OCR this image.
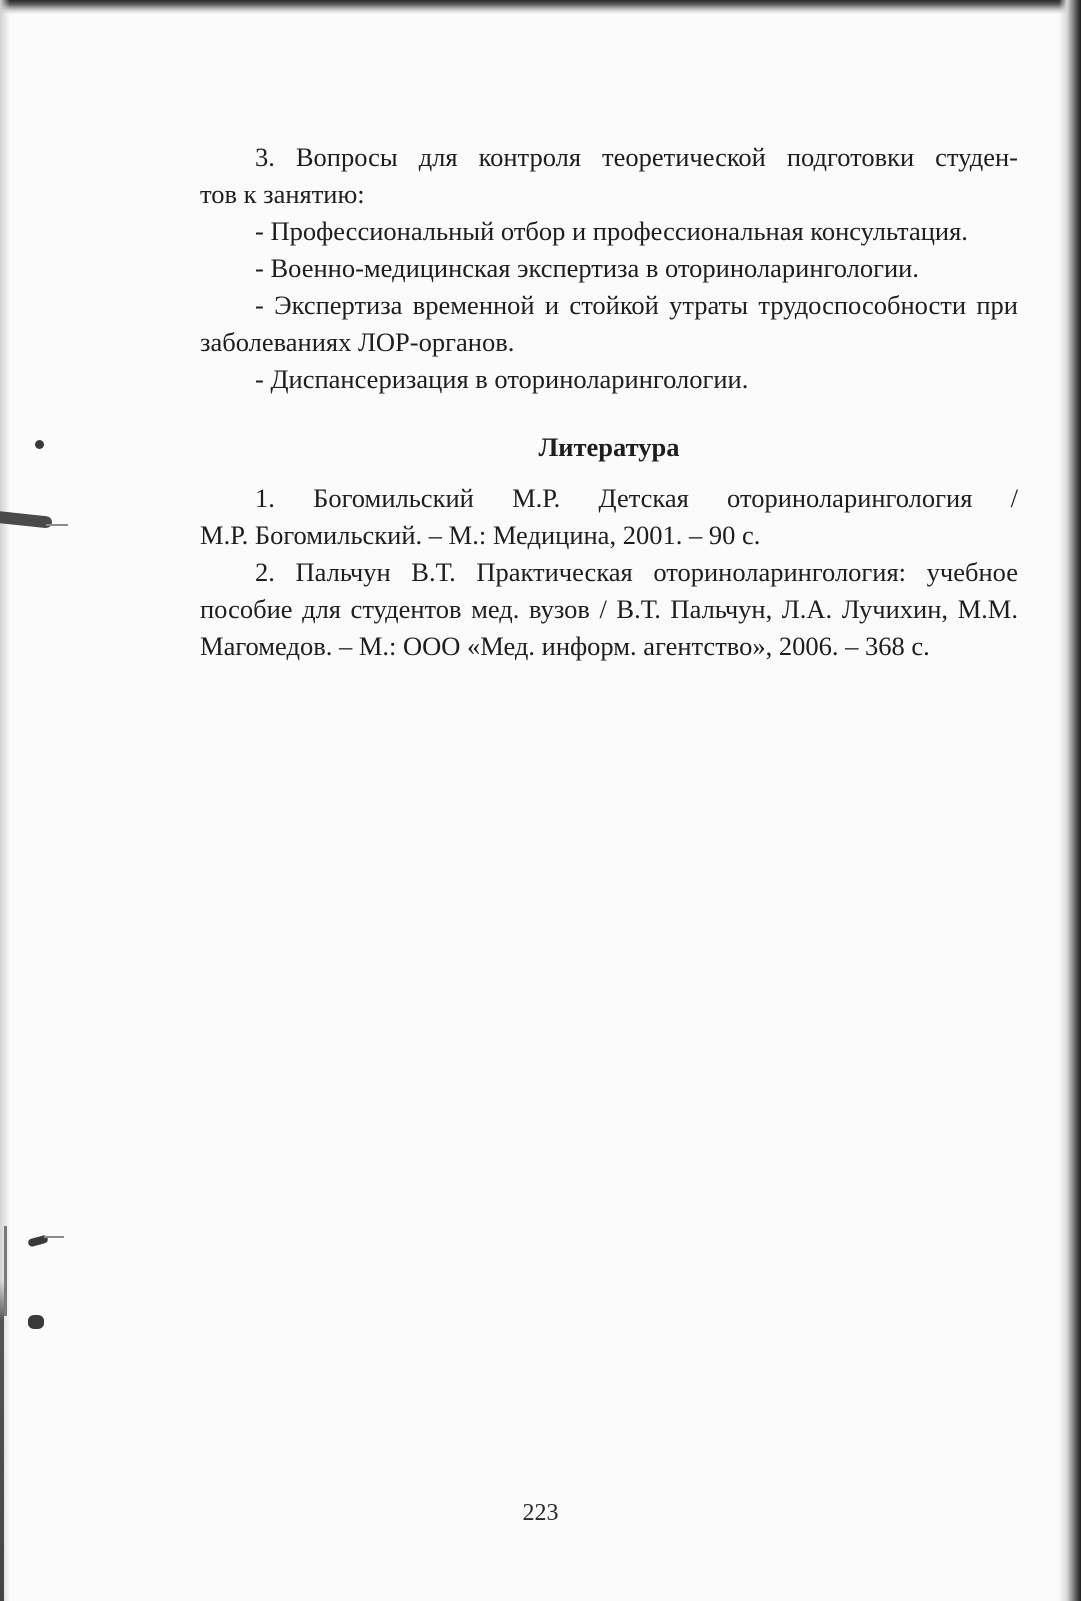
3. Вопросы для контроля теоретической подготовки студен-

тов к занятию:

- Профессиональный отбор и профессиональная консультация.

- Военно-медицинская экспертиза в оториноларингологии.

- Экспертиза временной и стойкой утраты трудоспособности при заболеваниях ЛОР-органов.

- Диспансеризация в оториноларингологии.

Литература

1. Богомильский М.Р. Детская оториноларингология /

М.Р. Богомильский. – М.: Медицина, 2001. – 90 с.

2. Пальчун В.Т. Практическая оториноларингология: учебное пособие для студентов мед. вузов / В.Т. Пальчун, Л.А. Лучихин, М.М. Магомедов. – М.: ООО «Мед. информ. агентство», 2006. – 368 с.

223
